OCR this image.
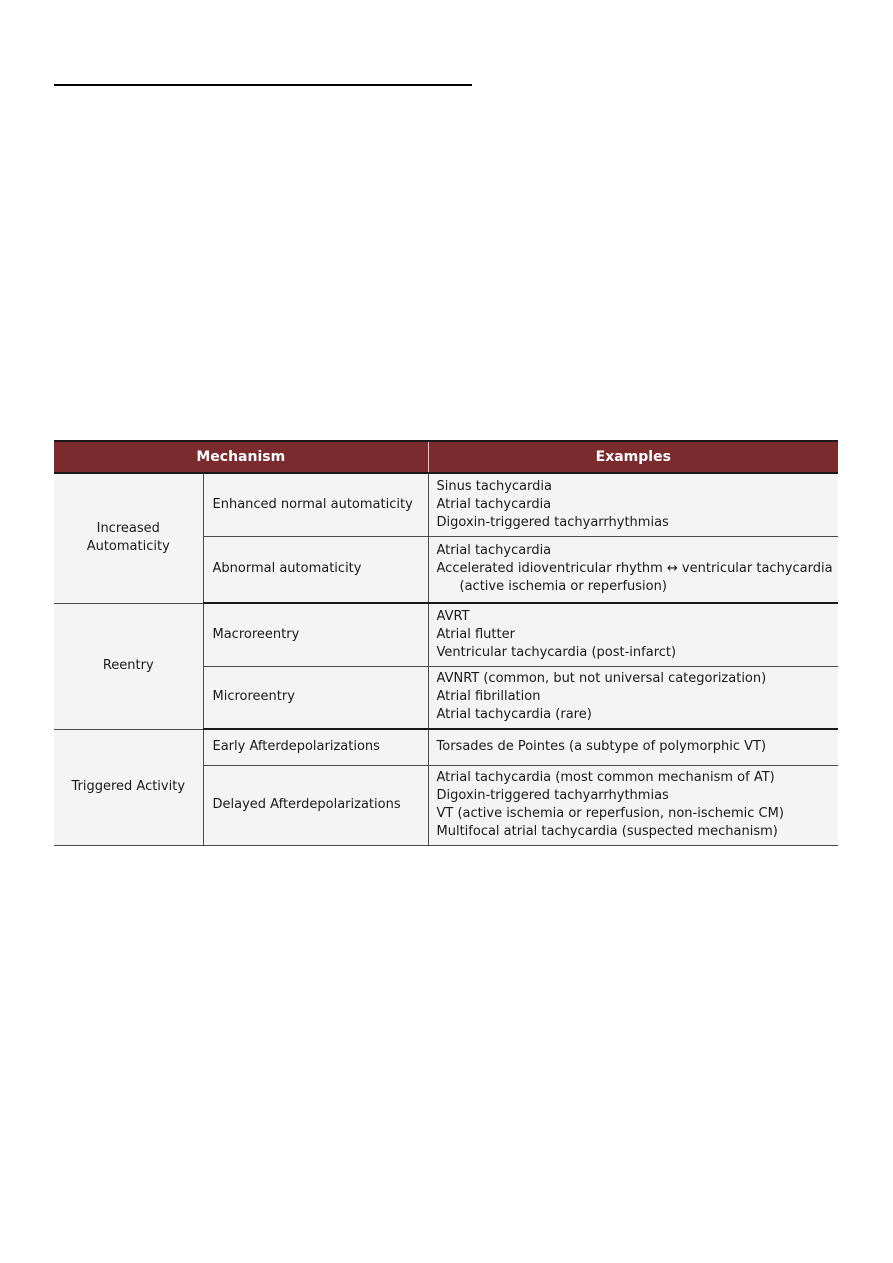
Mechanism		Examples

Increased
Automaticity	Enhanced normal automaticity	Sinus tachycardia
Atrial tachycardia
Digoxin-triggered tachyarrhythmias

	Abnormal automaticity	Atrial tachycardia
Accelerated idioventricular rhythm ↔ ventricular tachycardia
(active ischemia or reperfusion)

Reentry	Macroreentry	AVRT
Atrial flutter
Ventricular tachycardia (post-infarct)

	Microreentry	AVNRT (common, but not universal categorization)
Atrial fibrillation
Atrial tachycardia (rare)

Triggered Activity	Early Afterdepolarizations	Torsades de Pointes (a subtype of polymorphic VT)

	Delayed Afterdepolarizations	Atrial tachycardia (most common mechanism of AT)
Digoxin-triggered tachyarrhythmias
VT (active ischemia or reperfusion, non-ischemic CM)
Multifocal atrial tachycardia (suspected mechanism)
